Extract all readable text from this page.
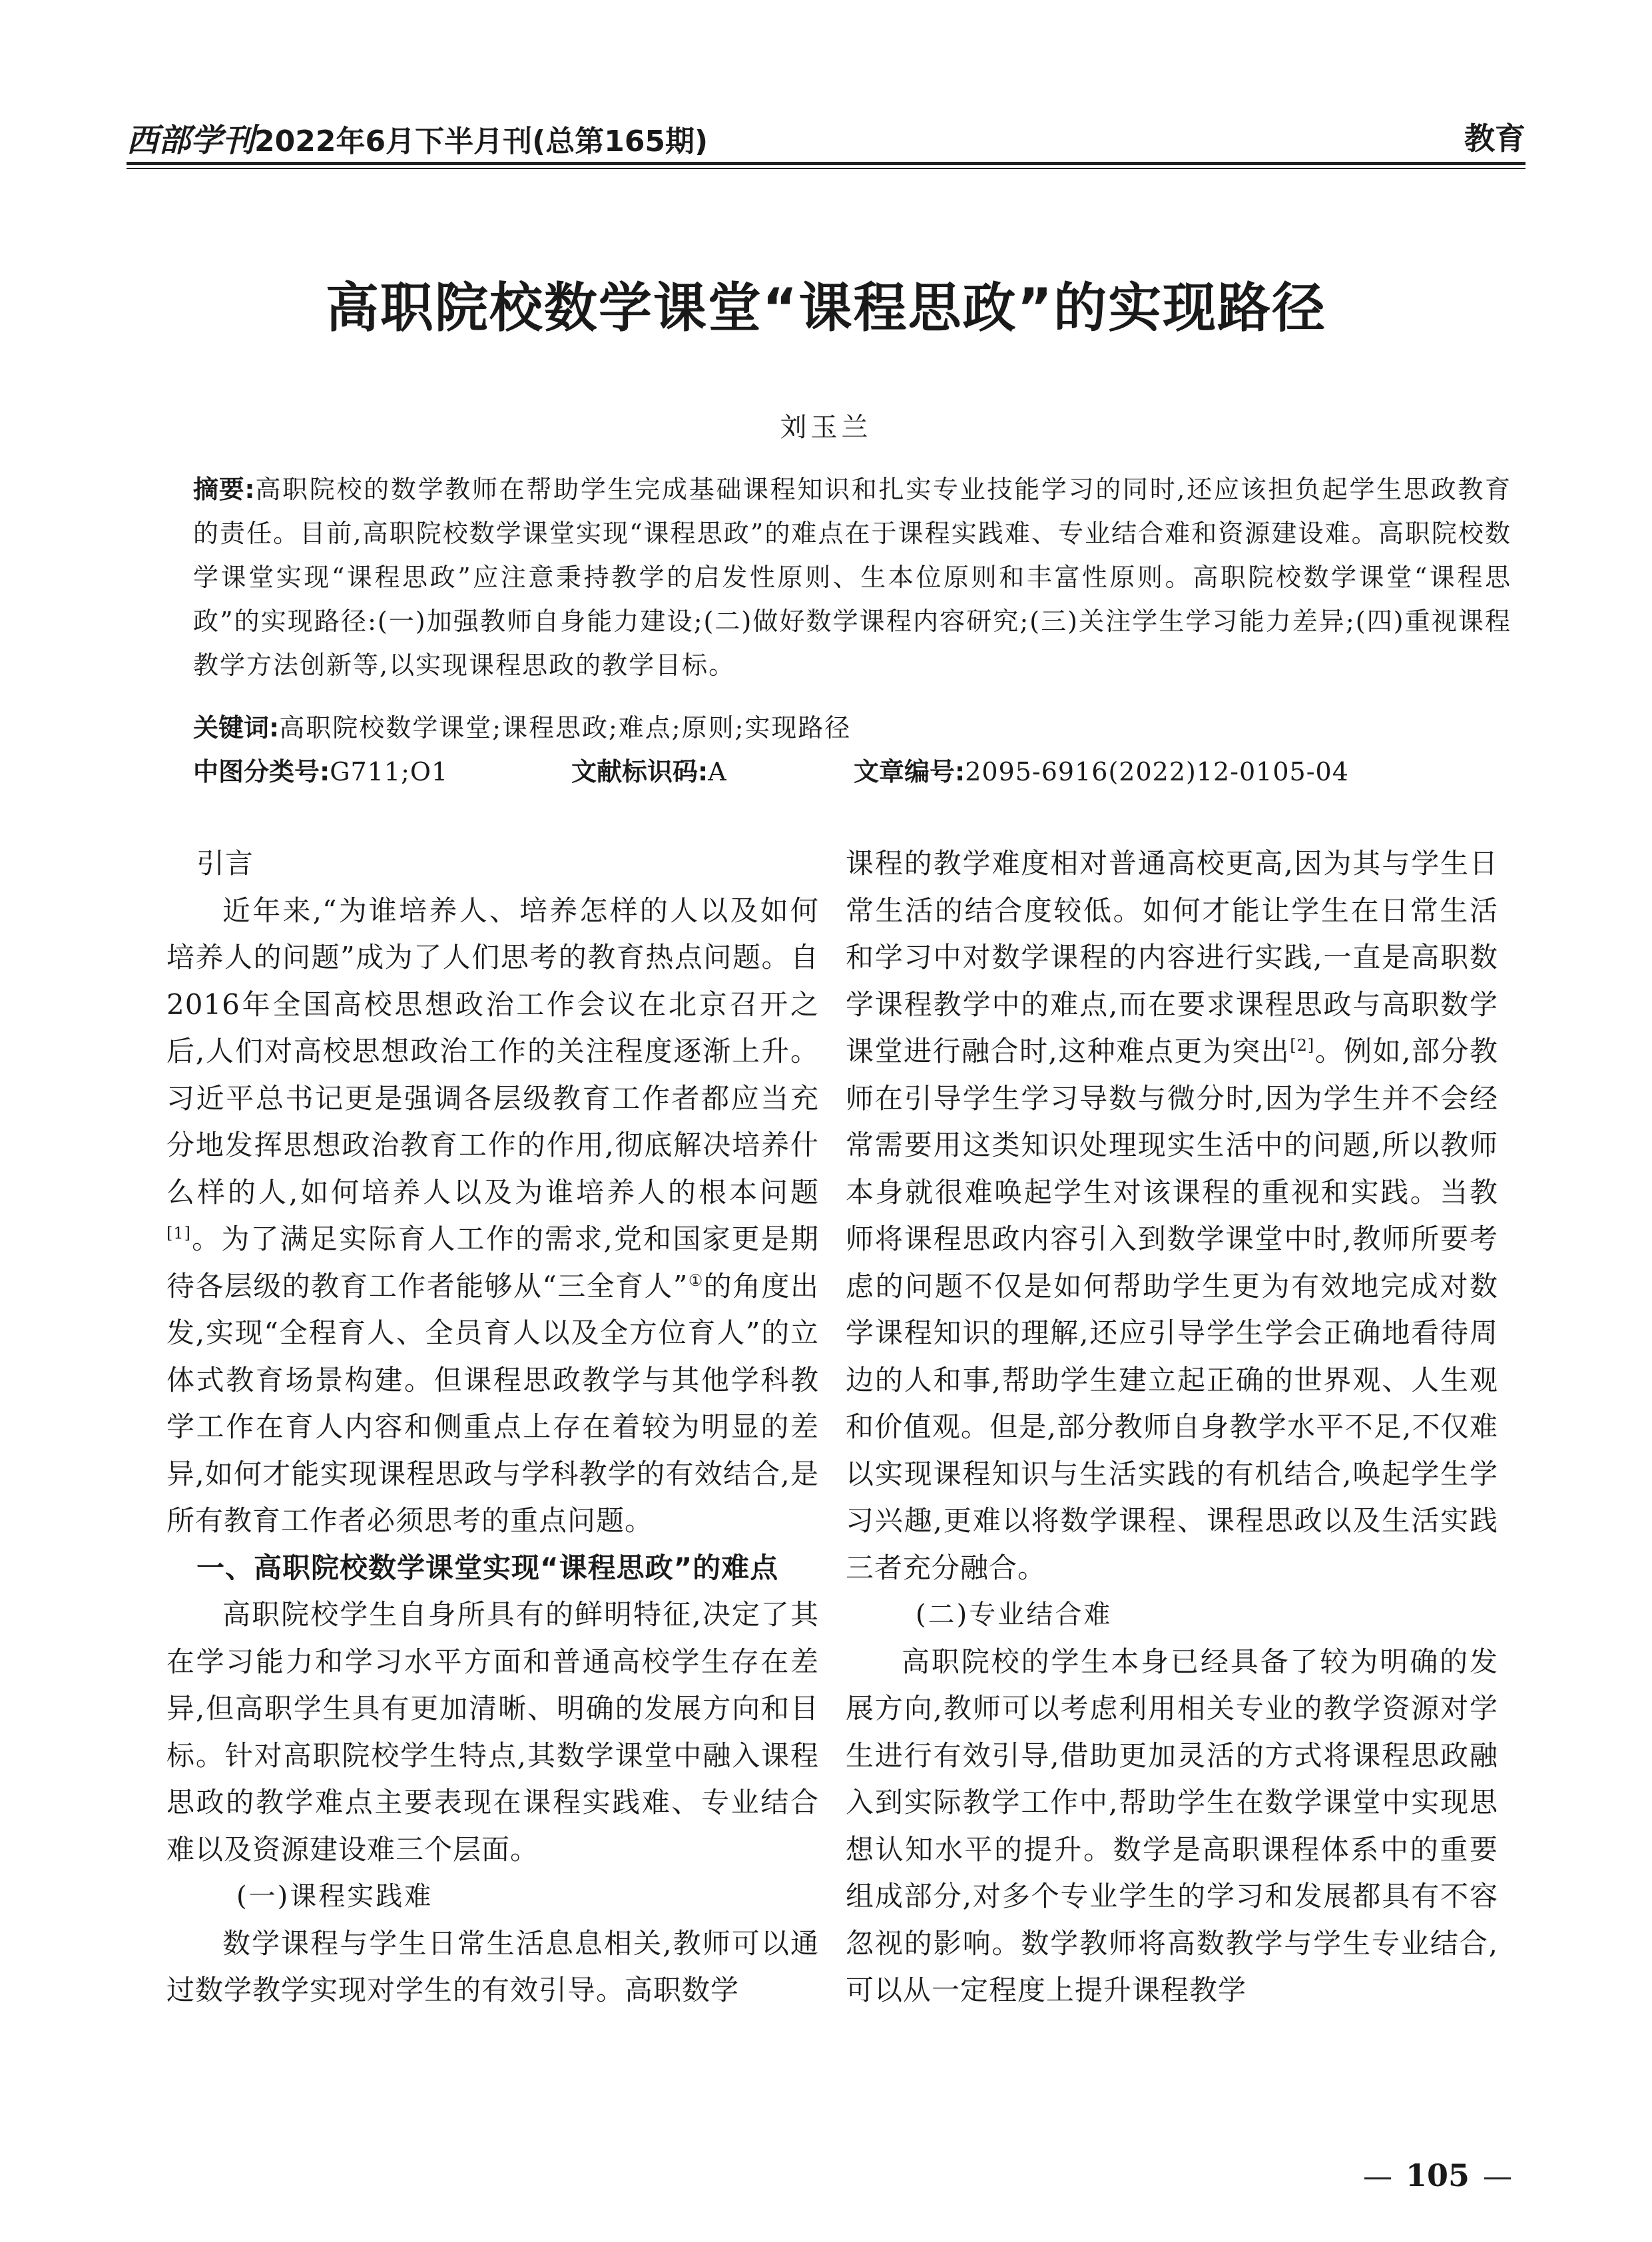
西部学刊2022年6月下半月刊(总第165期)	教育
高职院校数学课堂“课程思政”的实现路径
刘玉兰
摘要:高职院校的数学教师在帮助学生完成基础课程知识和扎实专业技能学习的同时,还应该担负起学生思政教育的责任。目前,高职院校数学课堂实现“课程思政”的难点在于课程实践难、专业结合难和资源建设难。高职院校数学课堂实现“课程思政”应注意秉持教学的启发性原则、生本位原则和丰富性原则。高职院校数学课堂“课程思政”的实现路径:(一)加强教师自身能力建设;(二)做好数学课程内容研究;(三)关注学生学习能力差异;(四)重视课程教学方法创新等,以实现课程思政的教学目标。
关键词:高职院校数学课堂;课程思政;难点;原则;实现路径
中图分类号:G711;O1	文献标识码:A	文章编号:2095-6916(2022)12-0105-04

引言

近年来,“为谁培养人、培养怎样的人以及如何培养人的问题”成为了人们思考的教育热点问题。自2016年全国高校思想政治工作会议在北京召开之后,人们对高校思想政治工作的关注程度逐渐上升。习近平总书记更是强调各层级教育工作者都应当充分地发挥思想政治教育工作的作用,彻底解决培养什么样的人,如何培养人以及为谁培养人的根本问题[1]。为了满足实际育人工作的需求,党和国家更是期待各层级的教育工作者能够从“三全育人”①的角度出发,实现“全程育人、全员育人以及全方位育人”的立体式教育场景构建。但课程思政教学与其他学科教学工作在育人内容和侧重点上存在着较为明显的差异,如何才能实现课程思政与学科教学的有效结合,是所有教育工作者必须思考的重点问题。

一、高职院校数学课堂实现“课程思政”的难点

高职院校学生自身所具有的鲜明特征,决定了其在学习能力和学习水平方面和普通高校学生存在差异,但高职学生具有更加清晰、明确的发展方向和目标。针对高职院校学生特点,其数学课堂中融入课程思政的教学难点主要表现在课程实践难、专业结合难以及资源建设难三个层面。

(一)课程实践难

数学课程与学生日常生活息息相关,教师可以通过数学教学实现对学生的有效引导。高职数学

课程的教学难度相对普通高校更高,因为其与学生日常生活的结合度较低。如何才能让学生在日常生活和学习中对数学课程的内容进行实践,一直是高职数学课程教学中的难点,而在要求课程思政与高职数学课堂进行融合时,这种难点更为突出[2]。例如,部分教师在引导学生学习导数与微分时,因为学生并不会经常需要用这类知识处理现实生活中的问题,所以教师本身就很难唤起学生对该课程的重视和实践。当教师将课程思政内容引入到数学课堂中时,教师所要考虑的问题不仅是如何帮助学生更为有效地完成对数学课程知识的理解,还应引导学生学会正确地看待周边的人和事,帮助学生建立起正确的世界观、人生观和价值观。但是,部分教师自身教学水平不足,不仅难以实现课程知识与生活实践的有机结合,唤起学生学习兴趣,更难以将数学课程、课程思政以及生活实践三者充分融合。

(二)专业结合难

高职院校的学生本身已经具备了较为明确的发展方向,教师可以考虑利用相关专业的教学资源对学生进行有效引导,借助更加灵活的方式将课程思政融入到实际教学工作中,帮助学生在数学课堂中实现思想认知水平的提升。数学是高职课程体系中的重要组成部分,对多个专业学生的学习和发展都具有不容忽视的影响。数学教师将高数教学与学生专业结合,可以从一定程度上提升课程教学

105
